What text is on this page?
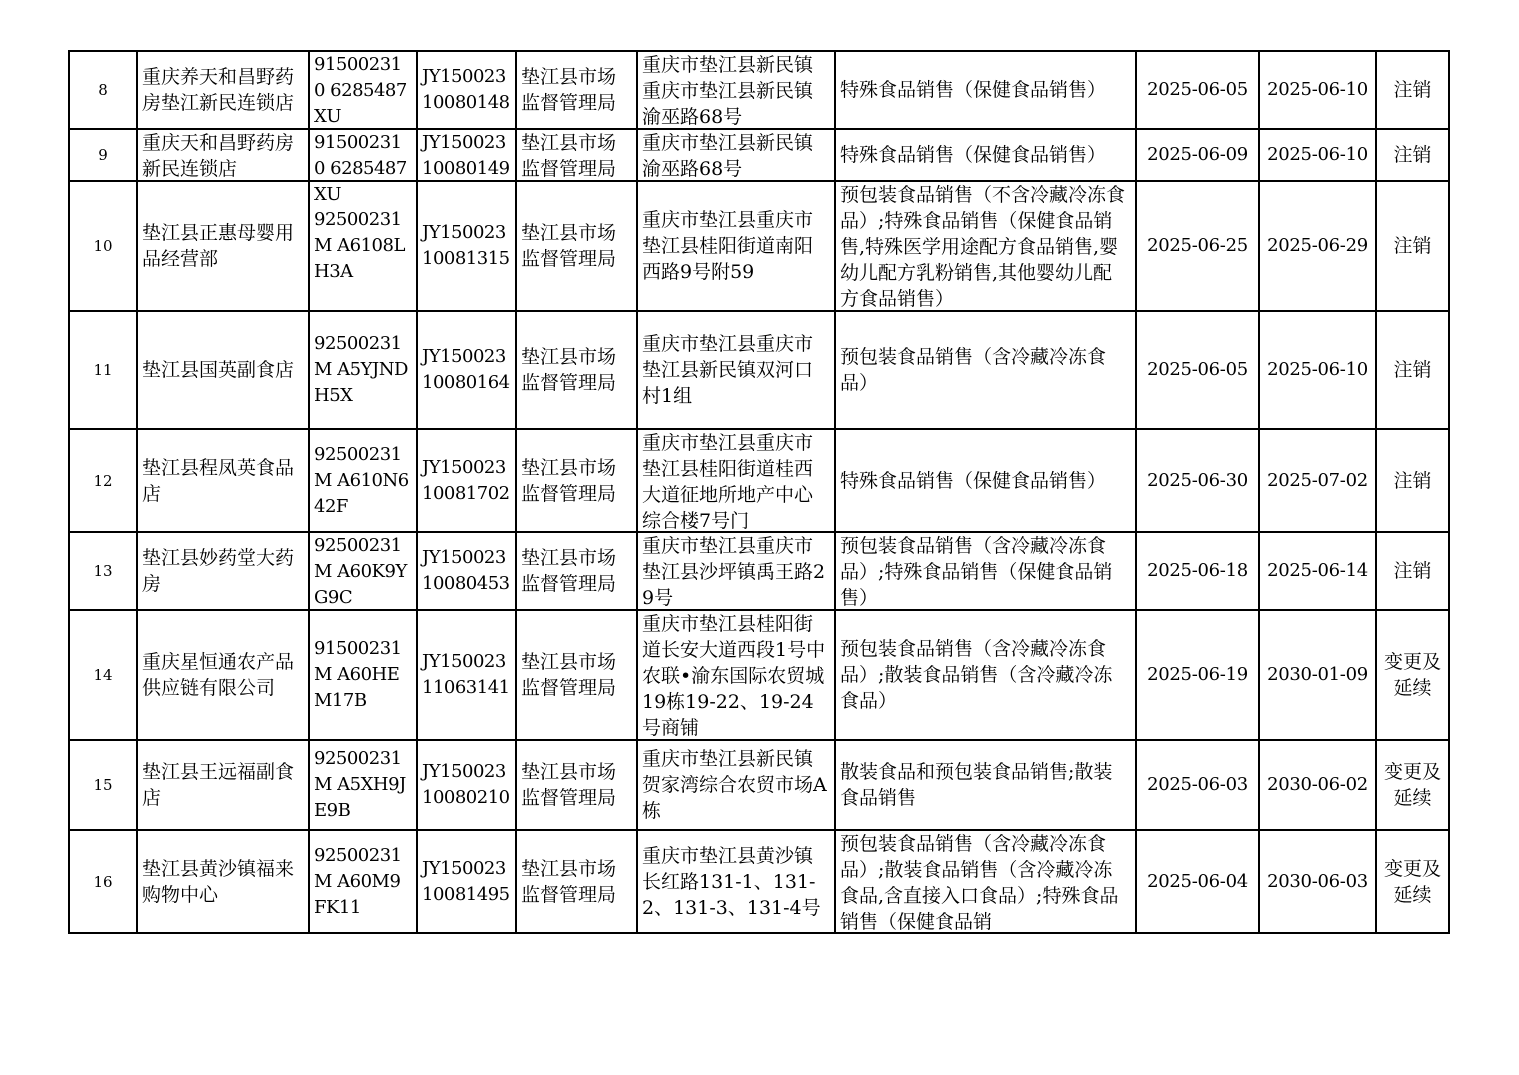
8	重庆养天和昌野药房垫江新民连锁店	915002310 6285487XU	JY150023 10080148	垫江县市场监督管理局	重庆市垫江县新民镇重庆市垫江县新民镇渝巫路68号	特殊食品销售（保健食品销售）	2025-06-05	2025-06-10	注销

9	重庆天和昌野药房新民连锁店	915002310 6285487XU	JY150023 10080149	垫江县市场监督管理局	重庆市垫江县新民镇渝巫路68号	特殊食品销售（保健食品销售）	2025-06-09	2025-06-10	注销

10	垫江县正惠母婴用品经营部	92500231M A6108LH3A	JY150023 10081315	垫江县市场监督管理局	重庆市垫江县重庆市垫江县桂阳街道南阳西路9号附59	预包装食品销售（不含冷藏冷冻食品）;特殊食品销售（保健食品销售,特殊医学用途配方食品销售,婴幼儿配方乳粉销售,其他婴幼儿配方食品销售）	2025-06-25	2025-06-29	注销

11	垫江县国英副食店	92500231M A5YJNDH5X	JY150023 10080164	垫江县市场监督管理局	重庆市垫江县重庆市垫江县新民镇双河口村1组	预包装食品销售（含冷藏冷冻食品）	2025-06-05	2025-06-10	注销

12	垫江县程凤英食品店	92500231M A610N642F	JY150023 10081702	垫江县市场监督管理局	重庆市垫江县重庆市垫江县桂阳街道桂西大道征地所地产中心综合楼7号门	特殊食品销售（保健食品销售）	2025-06-30	2025-07-02	注销

13	垫江县妙药堂大药房	92500231M A60K9YG9C	JY150023 10080453	垫江县市场监督管理局	重庆市垫江县重庆市垫江县沙坪镇禹王路29号	预包装食品销售（含冷藏冷冻食品）;特殊食品销售（保健食品销售）	2025-06-18	2025-06-14	注销

14	重庆星恒通农产品供应链有限公司	91500231M A60HEM17B	JY150023 11063141	垫江县市场监督管理局	重庆市垫江县桂阳街道长安大道西段1号中农联•渝东国际农贸城19栋19-22、19-24号商铺	预包装食品销售（含冷藏冷冻食品）;散装食品销售（含冷藏冷冻食品）	2025-06-19	2030-01-09	变更及延续

15	垫江县王远福副食店	92500231M A5XH9JE9B	JY150023 10080210	垫江县市场监督管理局	重庆市垫江县新民镇贺家湾综合农贸市场A栋	散装食品和预包装食品销售;散装食品销售	2025-06-03	2030-06-02	变更及延续

16	垫江县黄沙镇福来购物中心	92500231M A60M9FK11	JY150023 10081495	垫江县市场监督管理局	重庆市垫江县黄沙镇长红路131-1、131-2、131-3、131-4号	预包装食品销售（含冷藏冷冻食品）;散装食品销售（含冷藏冷冻食品,含直接入口食品）;特殊食品销售（保健食品销	2025-06-04	2030-06-03	变更及延续
